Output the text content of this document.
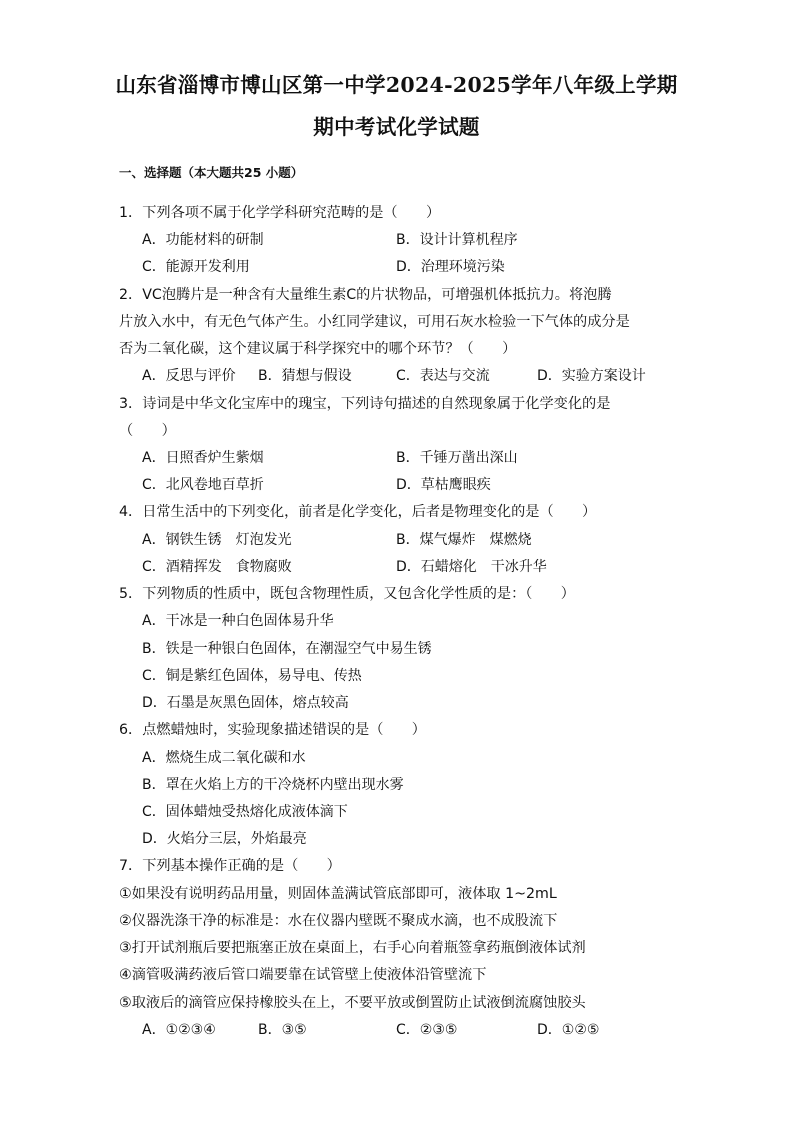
山东省淄博市博山区第一中学2024-2025学年八年级上学期
期中考试化学试题
一、选择题（本大题共25 小题）
1．下列各项不属于化学学科研究范畴的是（　　）
A．功能材料的研制	B．设计计算机程序
C．能源开发利用	D．治理环境污染
2．VC泡腾片是一种含有大量维生素C的片状物品，可增强机体抵抗力。将泡腾
片放入水中，有无色气体产生。小红同学建议，可用石灰水检验一下气体的成分是
否为二氧化碳，这个建议属于科学探究中的哪个环节？（　　）
A．反思与评价 B．猜想与假设	C．表达与交流	D．实验方案设计
3．诗词是中华文化宝库中的瑰宝，下列诗句描述的自然现象属于化学变化的是
（　　）
A．日照香炉生紫烟	B．千锤万凿出深山
C．北风卷地百草折	D．草枯鹰眼疾
4．日常生活中的下列变化，前者是化学变化，后者是物理变化的是（　　）
A．钢铁生锈　灯泡发光	B．煤气爆炸　煤燃烧
C．酒精挥发　食物腐败	D．石蜡熔化　干冰升华
5．下列物质的性质中，既包含物理性质，又包含化学性质的是：（　　）
A．干冰是一种白色固体易升华
B．铁是一种银白色固体，在潮湿空气中易生锈
C．铜是紫红色固体，易导电、传热
D．石墨是灰黑色固体，熔点较高
6．点燃蜡烛时，实验现象描述错误的是（　　）
A．燃烧生成二氧化碳和水
B．罩在火焰上方的干冷烧杯内壁出现水雾
C．固体蜡烛受热熔化成液体滴下
D．火焰分三层，外焰最亮
7．下列基本操作正确的是（　　）
①如果没有说明药品用量，则固体盖满试管底部即可，液体取 1~2mL
②仪器洗涤干净的标准是：水在仪器内壁既不聚成水滴，也不成股流下
③打开试剂瓶后要把瓶塞正放在桌面上，右手心向着瓶签拿药瓶倒液体试剂
④滴管吸满药液后管口端要靠在试管壁上使液体沿管壁流下
⑤取液后的滴管应保持橡胶头在上，不要平放或倒置防止试液倒流腐蚀胶头
A．①②③④	B．③⑤	C．②③⑤	D．①②⑤
